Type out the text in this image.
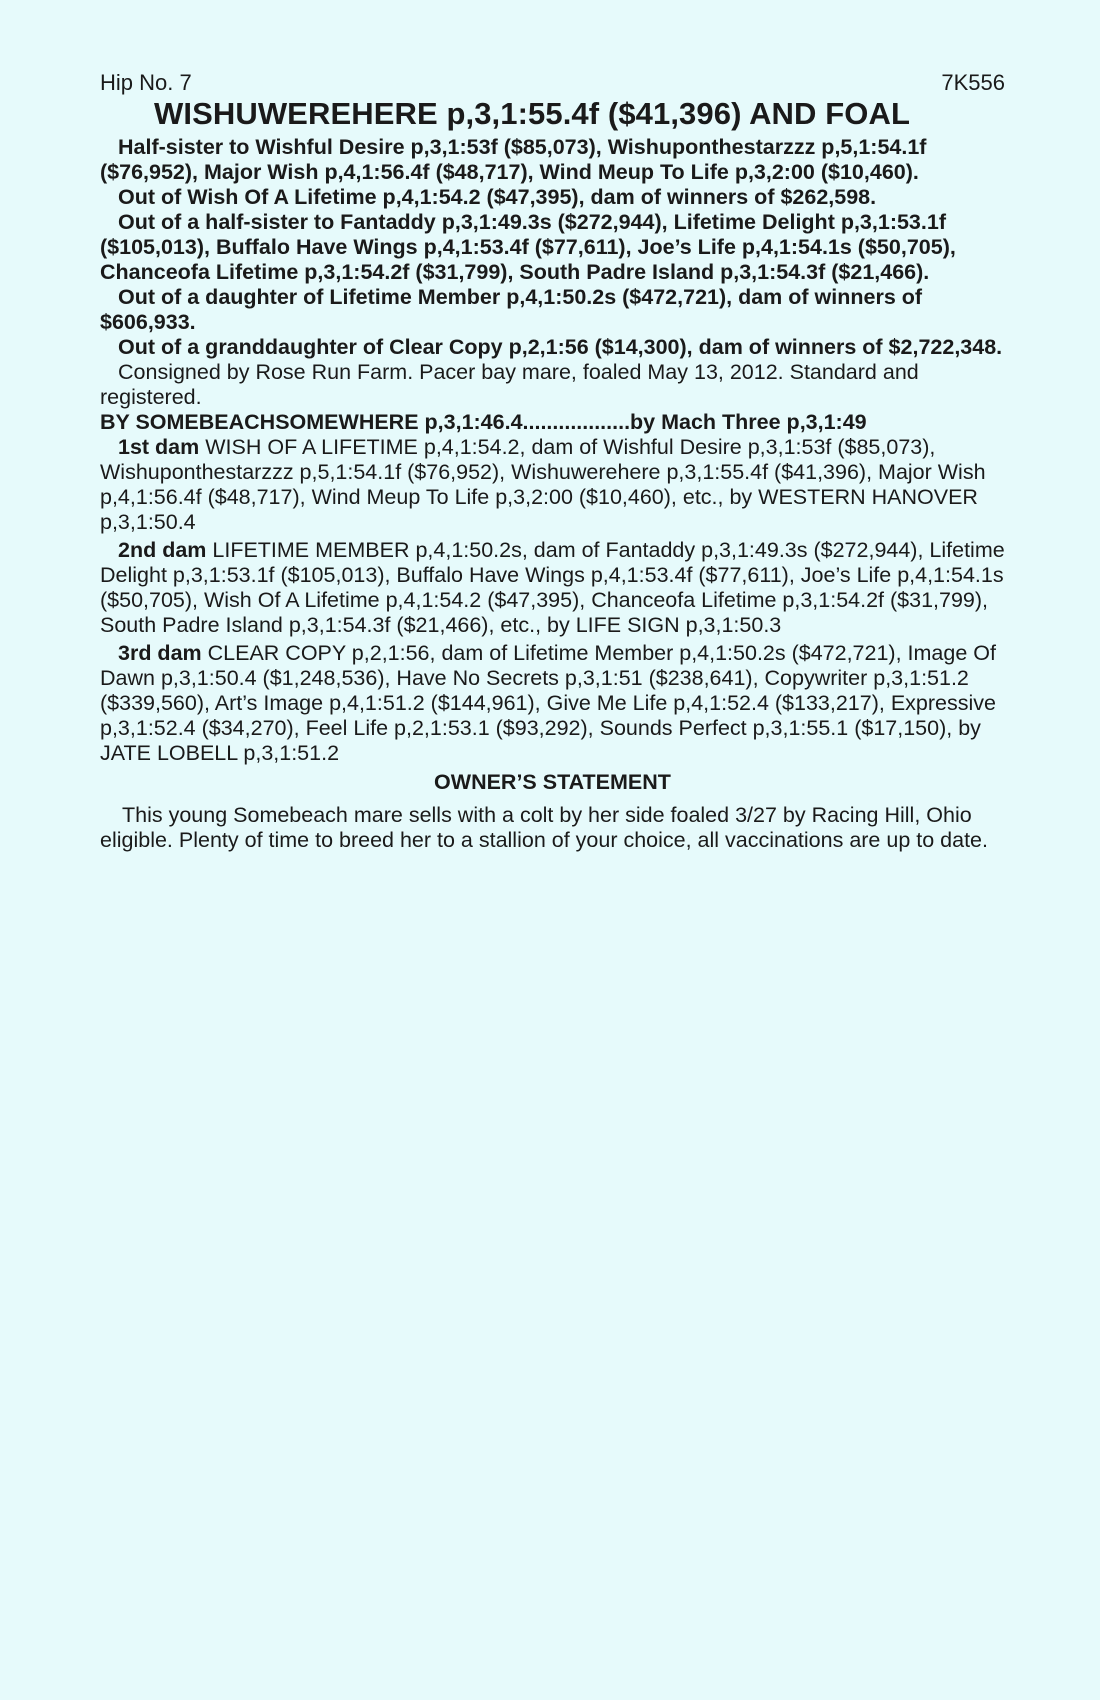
Hip No. 7	7K556
WISHUWEREHERE p,3,1:55.4f ($41,396) AND FOAL

Half-sister to Wishful Desire p,3,1:53f ($85,073), Wishuponthestarzzz p,5,1:54.1f ($76,952), Major Wish p,4,1:56.4f ($48,717), Wind Meup To Life p,3,2:00 ($10,460).

Out of Wish Of A Lifetime p,4,1:54.2 ($47,395), dam of winners of $262,598.

Out of a half-sister to Fantaddy p,3,1:49.3s ($272,944), Lifetime Delight p,3,1:53.1f ($105,013), Buffalo Have Wings p,4,1:53.4f ($77,611), Joe’s Life p,4,1:54.1s ($50,705), Chanceofa Lifetime p,3,1:54.2f ($31,799), South Padre Island p,3,1:54.3f ($21,466).

Out of a daughter of Lifetime Member p,4,1:50.2s ($472,721), dam of winners of $606,933.

Out of a granddaughter of Clear Copy p,2,1:56 ($14,300), dam of winners of $2,722,348.

Consigned by Rose Run Farm. Pacer bay mare, foaled May 13, 2012. Standard and registered.

BY SOMEBEACHSOMEWHERE p,3,1:46.4..................by Mach Three p,3,1:49

1st dam WISH OF A LIFETIME p,4,1:54.2, dam of Wishful Desire p,3,1:53f ($85,073), Wishuponthestarzzz p,5,1:54.1f ($76,952), Wishuwerehere p,3,1:55.4f ($41,396), Major Wish p,4,1:56.4f ($48,717), Wind Meup To Life p,3,2:00 ($10,460), etc., by WESTERN HANOVER p,3,1:50.4

2nd dam LIFETIME MEMBER p,4,1:50.2s, dam of Fantaddy p,3,1:49.3s ($272,944), Lifetime Delight p,3,1:53.1f ($105,013), Buffalo Have Wings p,4,1:53.4f ($77,611), Joe’s Life p,4,1:54.1s ($50,705), Wish Of A Lifetime p,4,1:54.2 ($47,395), Chanceofa Lifetime p,3,1:54.2f ($31,799), South Padre Island p,3,1:54.3f ($21,466), etc., by LIFE SIGN p,3,1:50.3

3rd dam CLEAR COPY p,2,1:56, dam of Lifetime Member p,4,1:50.2s ($472,721), Image Of Dawn p,3,1:50.4 ($1,248,536), Have No Secrets p,3,1:51 ($238,641), Copywriter p,3,1:51.2 ($339,560), Art’s Image p,4,1:51.2 ($144,961), Give Me Life p,4,1:52.4 ($133,217), Expressive p,3,1:52.4 ($34,270), Feel Life p,2,1:53.1 ($93,292), Sounds Perfect p,3,1:55.1 ($17,150), by JATE LOBELL p,3,1:51.2

OWNER’S STATEMENT

This young Somebeach mare sells with a colt by her side foaled 3/27 by Racing Hill, Ohio eligible. Plenty of time to breed her to a stallion of your choice, all vaccinations are up to date.
